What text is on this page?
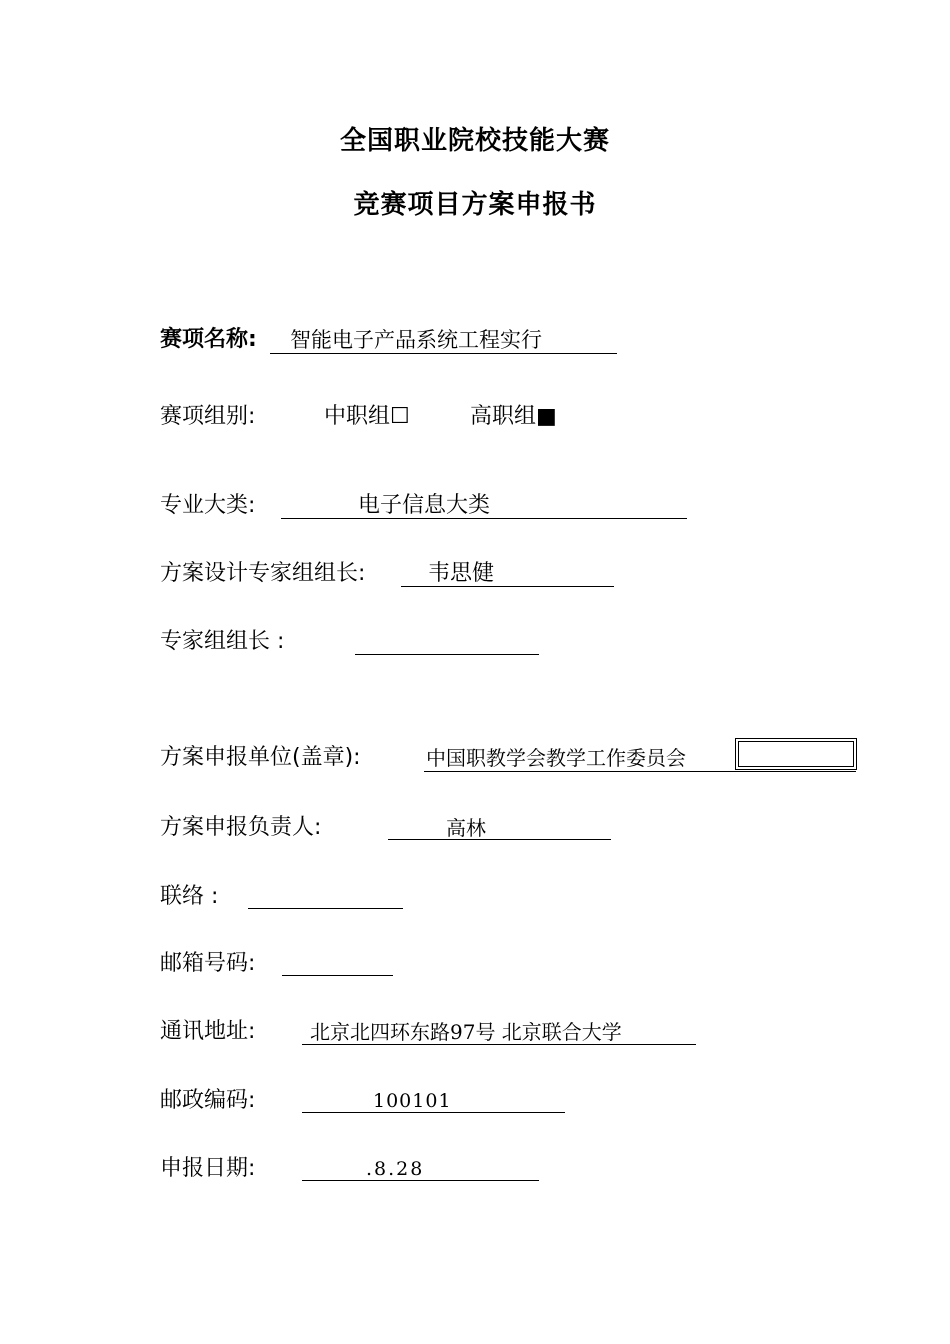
全国职业院校技能大赛
竞赛项目方案申报书
赛项名称: 智能电子产品系统工程实行
赛项组别:	中职组☐	高职组■
专业大类:	电子信息大类
方案设计专家组组长:	韦思健
专家组组长 :
方案申报单位(盖章):	中国职教学会教学工作委员会
方案申报负责人:	高林
联络 :
邮箱号码:
通讯地址:	北京北四环东路97号 北京联合大学
邮政编码:	100101
申报日期:	.8.28
